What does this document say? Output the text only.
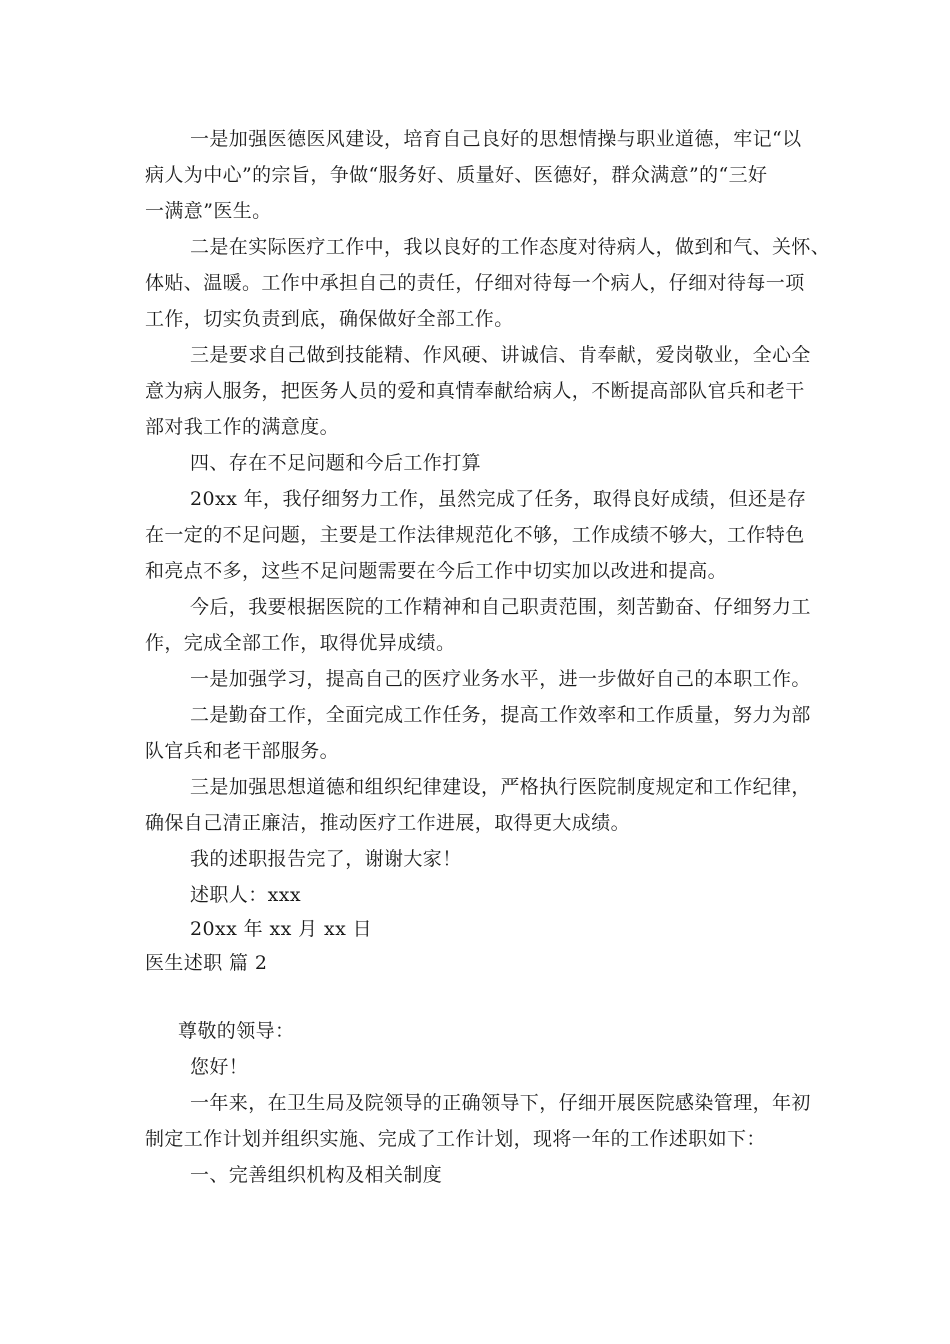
一是加强医德医风建设，培育自己良好的思想情操与职业道德，牢记“以
病人为中心”的宗旨，争做“服务好、质量好、医德好，群众满意”的“三好
一满意”医生。
二是在实际医疗工作中，我以良好的工作态度对待病人，做到和气、关怀、
体贴、温暖。工作中承担自己的责任，仔细对待每一个病人，仔细对待每一项
工作，切实负责到底，确保做好全部工作。
三是要求自己做到技能精、作风硬、讲诚信、肯奉献，爱岗敬业，全心全
意为病人服务，把医务人员的爱和真情奉献给病人，不断提高部队官兵和老干
部对我工作的满意度。
四、存在不足问题和今后工作打算
20xx 年，我仔细努力工作，虽然完成了任务，取得良好成绩，但还是存
在一定的不足问题，主要是工作法律规范化不够，工作成绩不够大，工作特色
和亮点不多，这些不足问题需要在今后工作中切实加以改进和提高。
今后，我要根据医院的工作精神和自己职责范围，刻苦勤奋、仔细努力工
作，完成全部工作，取得优异成绩。
一是加强学习，提高自己的医疗业务水平，进一步做好自己的本职工作。
二是勤奋工作，全面完成工作任务，提高工作效率和工作质量，努力为部
队官兵和老干部服务。
三是加强思想道德和组织纪律建设，严格执行医院制度规定和工作纪律，
确保自己清正廉洁，推动医疗工作进展，取得更大成绩。
我的述职报告完了，谢谢大家！
述职人：xxx
20xx 年 xx 月 xx 日
医生述职 篇 2
尊敬的领导：
您好！
一年来，在卫生局及院领导的正确领导下，仔细开展医院感染管理，年初
制定工作计划并组织实施、完成了工作计划，现将一年的工作述职如下：
一、完善组织机构及相关制度
